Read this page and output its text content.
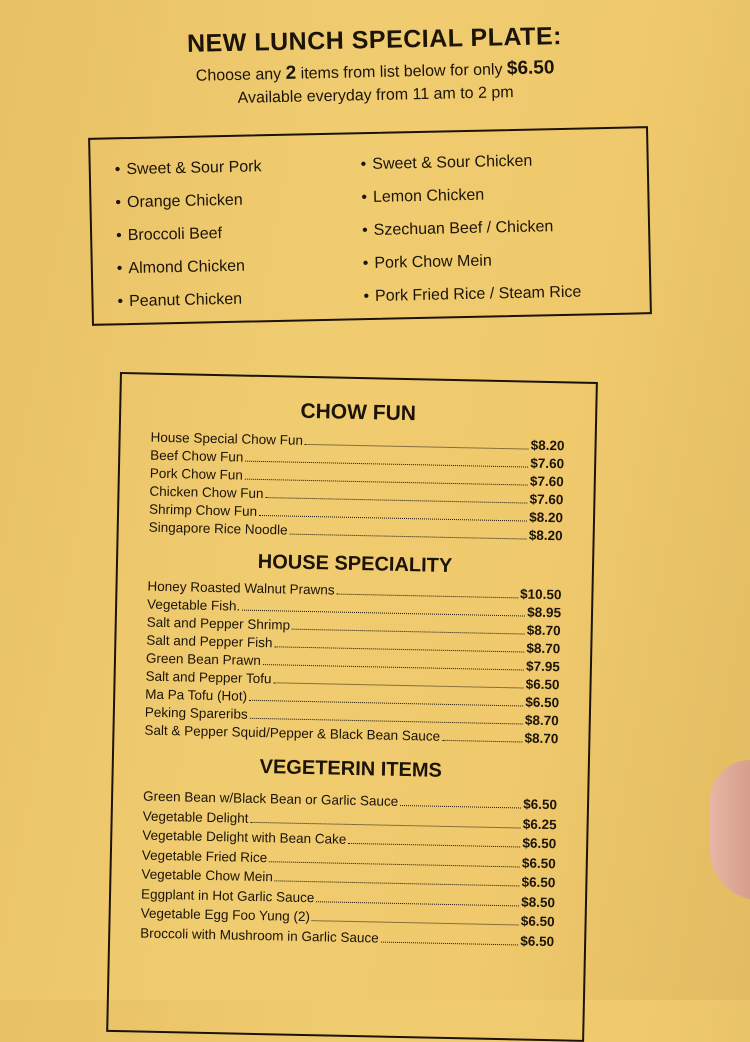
NEW LUNCH SPECIAL PLATE:
Choose any 2 items from list below for only $6.50
Available everyday from 11 am to 2 pm
• Sweet & Sour Pork
• Orange Chicken
• Broccoli Beef
• Almond Chicken
• Peanut Chicken
• Sweet & Sour Chicken
• Lemon Chicken
• Szechuan Beef / Chicken
• Pork Chow Mein
• Pork Fried Rice / Steam Rice
CHOW FUN
House Special Chow Fun	$8.20
Beef Chow Fun	$7.60
Pork Chow Fun	$7.60
Chicken Chow Fun	$7.60
Shrimp Chow Fun	$8.20
Singapore Rice Noodle	$8.20
HOUSE SPECIALITY
Honey Roasted Walnut Prawns	$10.50
Vegetable Fish.	$8.95
Salt and Pepper Shrimp	$8.70
Salt and Pepper Fish	$8.70
Green Bean Prawn	$7.95
Salt and Pepper Tofu	$6.50
Ma Pa Tofu (Hot)	$6.50
Peking Spareribs	$8.70
Salt & Pepper Squid/Pepper & Black Bean Sauce	$8.70
VEGETERIN ITEMS
Green Bean w/Black Bean or Garlic Sauce	$6.50
Vegetable Delight	$6.25
Vegetable Delight with Bean Cake	$6.50
Vegetable Fried Rice	$6.50
Vegetable Chow Mein	$6.50
Eggplant in Hot Garlic Sauce	$8.50
Vegetable Egg Foo Yung (2)	$6.50
Broccoli with Mushroom in Garlic Sauce	$6.50
